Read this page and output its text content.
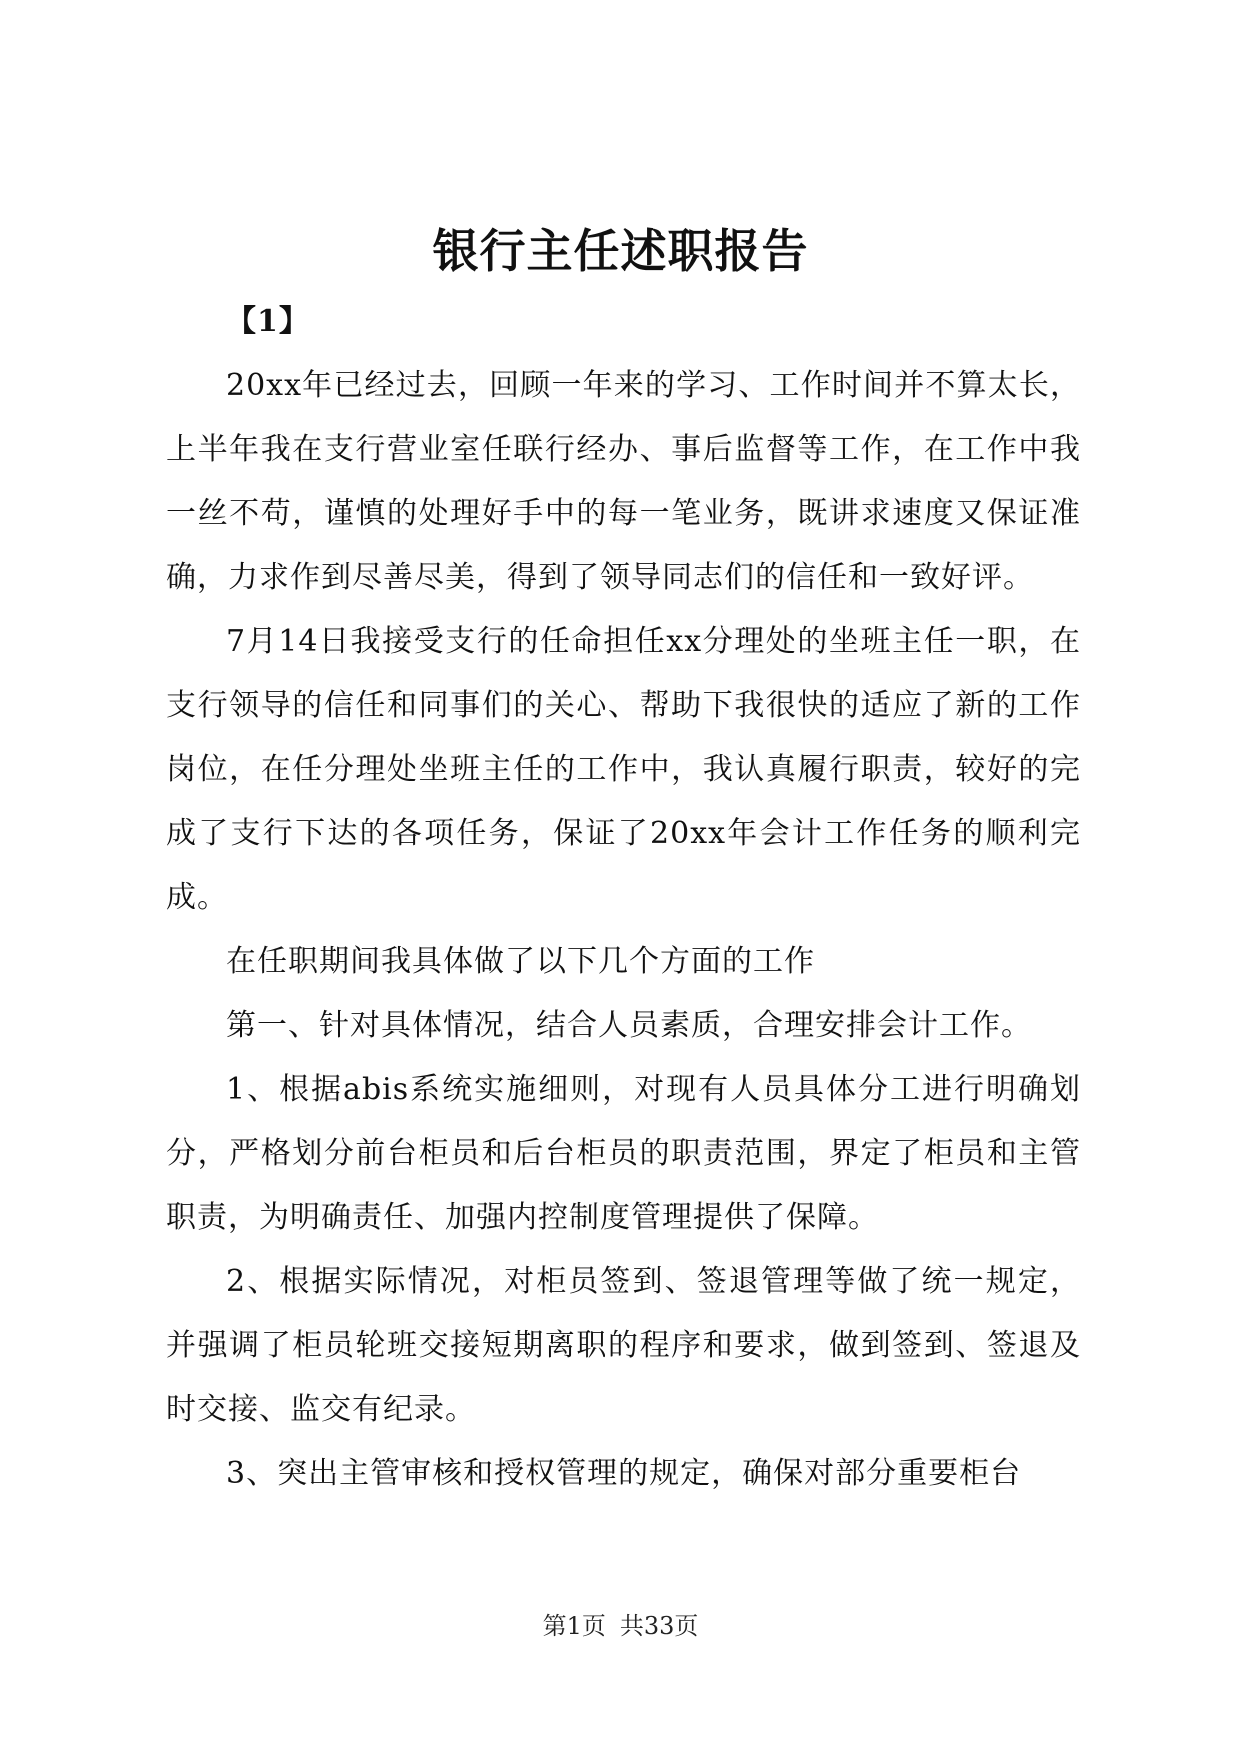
银行主任述职报告

【1】

20xx年已经过去，回顾一年来的学习、工作时间并不算太长，上半年我在支行营业室任联行经办、事后监督等工作，在工作中我一丝不苟，谨慎的处理好手中的每一笔业务，既讲求速度又保证准确，力求作到尽善尽美，得到了领导同志们的信任和一致好评。

7月14日我接受支行的任命担任xx分理处的坐班主任一职，在支行领导的信任和同事们的关心、帮助下我很快的适应了新的工作岗位，在任分理处坐班主任的工作中，我认真履行职责，较好的完成了支行下达的各项任务，保证了20xx年会计工作任务的顺利完成。

在任职期间我具体做了以下几个方面的工作

第一、针对具体情况，结合人员素质，合理安排会计工作。

1、根据abis系统实施细则，对现有人员具体分工进行明确划分，严格划分前台柜员和后台柜员的职责范围，界定了柜员和主管职责，为明确责任、加强内控制度管理提供了保障。

2、根据实际情况，对柜员签到、签退管理等做了统一规定，并强调了柜员轮班交接短期离职的程序和要求，做到签到、签退及时交接、监交有纪录。

3、突出主管审核和授权管理的规定，确保对部分重要柜台

第1页 共33页
